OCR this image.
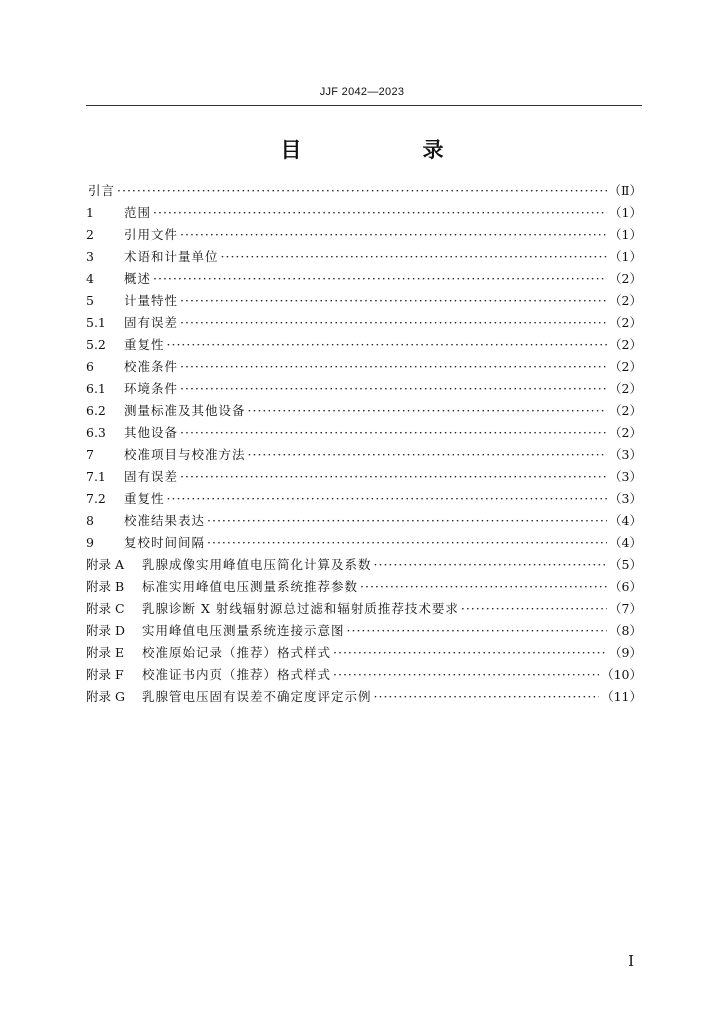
JJF 2042—2023
目　录
引言 ·····	（Ⅱ）
1	范围 ·····	（1）
2	引用文件 ·····	（1）
3	术语和计量单位 ·····	（1）
4	概述 ·····	（2）
5	计量特性 ·····	（2）
5.1	固有误差 ·····	（2）
5.2	重复性 ·····	（2）
6	校准条件 ·····	（2）
6.1	环境条件 ·····	（2）
6.2	测量标准及其他设备 ·····	（2）
6.3	其他设备 ·····	（2）
7	校准项目与校准方法 ·····	（3）
7.1	固有误差 ·····	（3）
7.2	重复性 ·····	（3）
8	校准结果表达 ·····	（4）
9	复校时间间隔 ·····	（4）
附录 A	乳腺成像实用峰值电压简化计算及系数 ·····	（5）
附录 B	标准实用峰值电压测量系统推荐参数 ·····	（6）
附录 C	乳腺诊断 X 射线辐射源总过滤和辐射质推荐技术要求 ·····	（7）
附录 D	实用峰值电压测量系统连接示意图 ·····	（8）
附录 E	校准原始记录（推荐）格式样式 ·····	（9）
附录 F	校准证书内页（推荐）格式样式 ·····	（10）
附录 G	乳腺管电压固有误差不确定度评定示例 ·····	（11）
I
